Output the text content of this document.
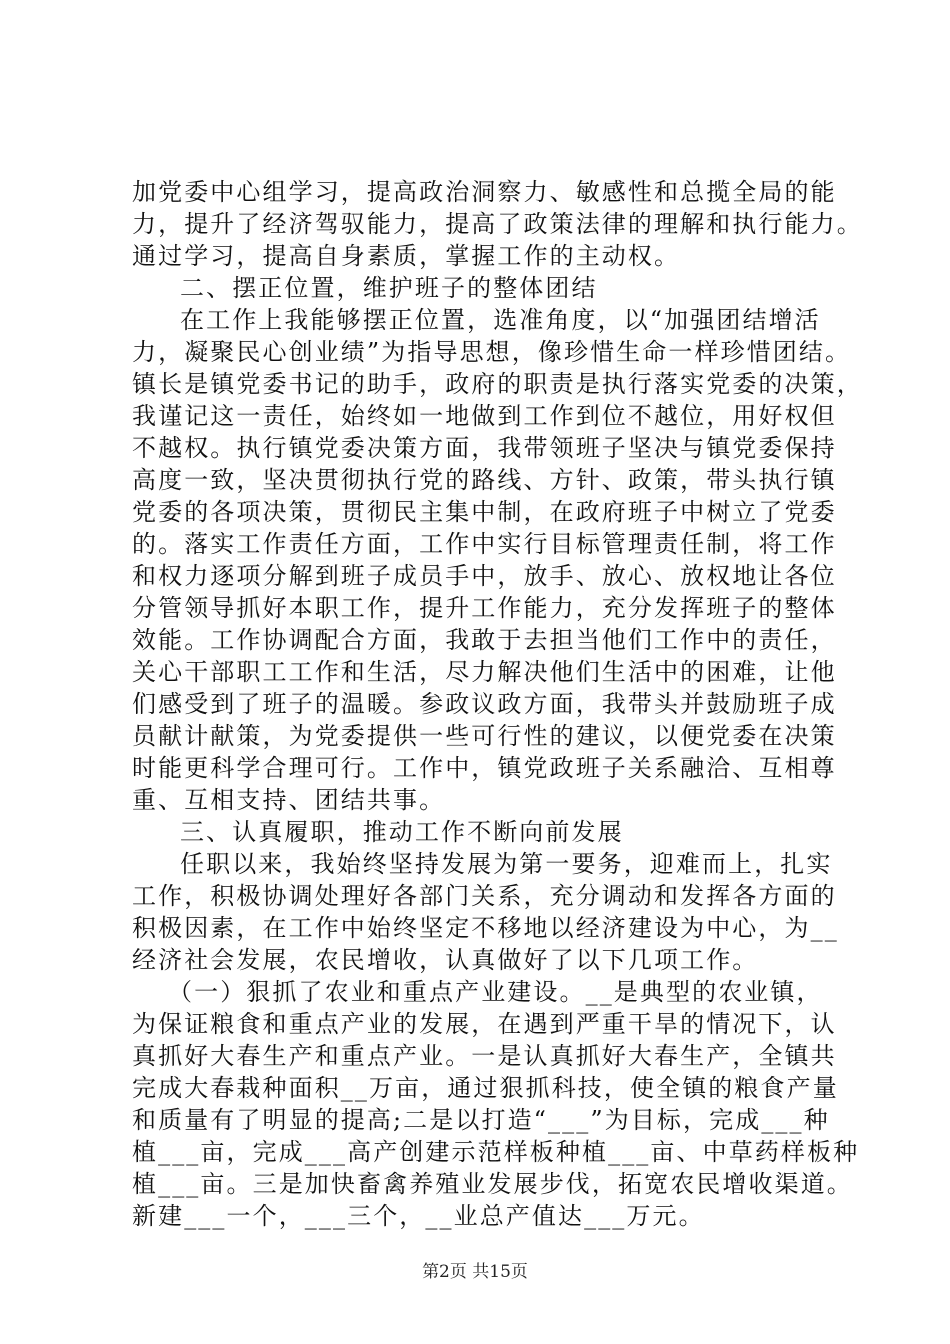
加党委中心组学习，提高政治洞察力、敏感性和总揽全局的能
力，提升了经济驾驭能力，提高了政策法律的理解和执行能力。
通过学习，提高自身素质，掌握工作的主动权。
二、摆正位置，维护班子的整体团结
在工作上我能够摆正位置，选准角度，以“加强团结增活
力，凝聚民心创业绩”为指导思想，像珍惜生命一样珍惜团结。
镇长是镇党委书记的助手，政府的职责是执行落实党委的决策，
我谨记这一责任，始终如一地做到工作到位不越位，用好权但
不越权。执行镇党委决策方面，我带领班子坚决与镇党委保持
高度一致，坚决贯彻执行党的路线、方针、政策，带头执行镇
党委的各项决策，贯彻民主集中制，在政府班子中树立了党委
的。落实工作责任方面，工作中实行目标管理责任制，将工作
和权力逐项分解到班子成员手中，放手、放心、放权地让各位
分管领导抓好本职工作，提升工作能力，充分发挥班子的整体
效能。工作协调配合方面，我敢于去担当他们工作中的责任，
关心干部职工工作和生活，尽力解决他们生活中的困难，让他
们感受到了班子的温暖。参政议政方面，我带头并鼓励班子成
员献计献策，为党委提供一些可行性的建议，以便党委在决策
时能更科学合理可行。工作中，镇党政班子关系融洽、互相尊
重、互相支持、团结共事。
三、认真履职，推动工作不断向前发展
任职以来，我始终坚持发展为第一要务，迎难而上，扎实
工作，积极协调处理好各部门关系，充分调动和发挥各方面的
积极因素，在工作中始终坚定不移地以经济建设为中心，为__
经济社会发展，农民增收，认真做好了以下几项工作。
（一）狠抓了农业和重点产业建设。__是典型的农业镇，
为保证粮食和重点产业的发展，在遇到严重干旱的情况下，认
真抓好大春生产和重点产业。一是认真抓好大春生产，全镇共
完成大春栽种面积__万亩，通过狠抓科技，使全镇的粮食产量
和质量有了明显的提高;二是以打造“___”为目标，完成___种
植___亩，完成___高产创建示范样板种植___亩、中草药样板种
植___亩。三是加快畜禽养殖业发展步伐，拓宽农民增收渠道。
新建___一个，___三个，__业总产值达___万元。
第2页 共15页
